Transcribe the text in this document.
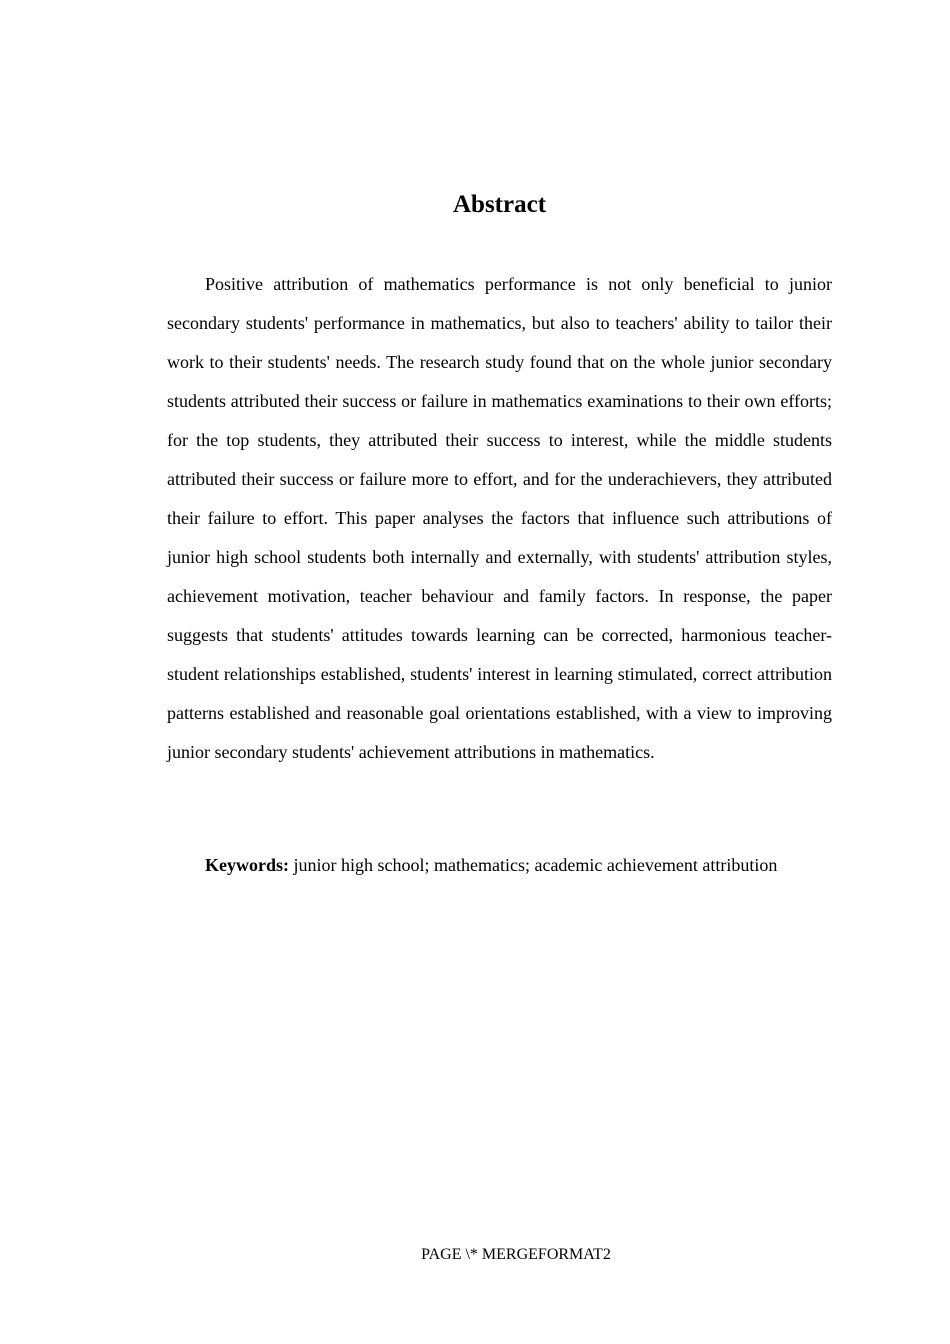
Abstract

Positive attribution of mathematics performance is not only beneficial to junior secondary students' performance in mathematics, but also to teachers' ability to tailor their work to their students' needs. The research study found that on the whole junior secondary students attributed their success or failure in mathematics examinations to their own efforts; for the top students, they attributed their success to interest, while the middle students attributed their success or failure more to effort, and for the underachievers, they attributed their failure to effort. This paper analyses the factors that influence such attributions of junior high school students both internally and externally, with students' attribution styles, achievement motivation, teacher behaviour and family factors. In response, the paper suggests that students' attitudes towards learning can be corrected, harmonious teacher-student relationships established, students' interest in learning stimulated, correct attribution patterns established and reasonable goal orientations established, with a view to improving junior secondary students' achievement attributions in mathematics.

Keywords: junior high school; mathematics; academic achievement attribution

PAGE \* MERGEFORMAT2
